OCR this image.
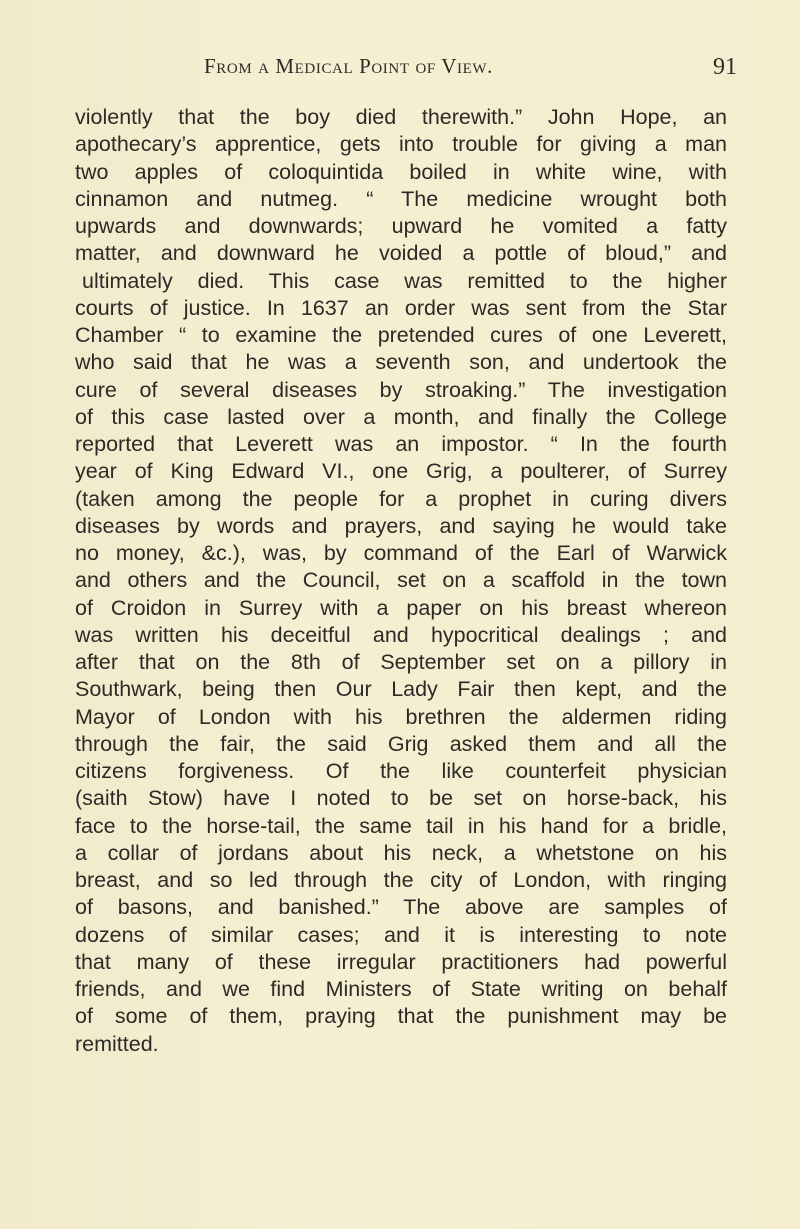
From a Medical Point of View.	91
violently that the boy died therewith.” John Hope, an
apothecary’s apprentice, gets into trouble for giving a man
two apples of coloquintida boiled in white wine, with
cinnamon and nutmeg. “ The medicine wrought both
upwards and downwards; upward he vomited a fatty
matter, and downward he voided a pottle of bloud,” and
ultimately died. This case was remitted to the higher
courts of justice. In 1637 an order was sent from the Star
Chamber “ to examine the pretended cures of one Leverett,
who said that he was a seventh son, and undertook the
cure of several diseases by stroaking.” The investigation
of this case lasted over a month, and finally the College
reported that Leverett was an impostor. “ In the fourth
year of King Edward VI., one Grig, a poulterer, of Surrey
(taken among the people for a prophet in curing divers
diseases by words and prayers, and saying he would take
no money, &c.), was, by command of the Earl of Warwick
and others and the Council, set on a scaffold in the town
of Croidon in Surrey with a paper on his breast whereon
was written his deceitful and hypocritical dealings ; and
after that on the 8th of September set on a pillory in
Southwark, being then Our Lady Fair then kept, and the
Mayor of London with his brethren the aldermen riding
through the fair, the said Grig asked them and all the
citizens forgiveness. Of the like counterfeit physician
(saith Stow) have I noted to be set on horse-back, his
face to the horse-tail, the same tail in his hand for a bridle,
a collar of jordans about his neck, a whetstone on his
breast, and so led through the city of London, with ringing
of basons, and banished.” The above are samples of
dozens of similar cases; and it is interesting to note
that many of these irregular practitioners had powerful
friends, and we find Ministers of State writing on behalf
of some of them, praying that the punishment may be
remitted.
